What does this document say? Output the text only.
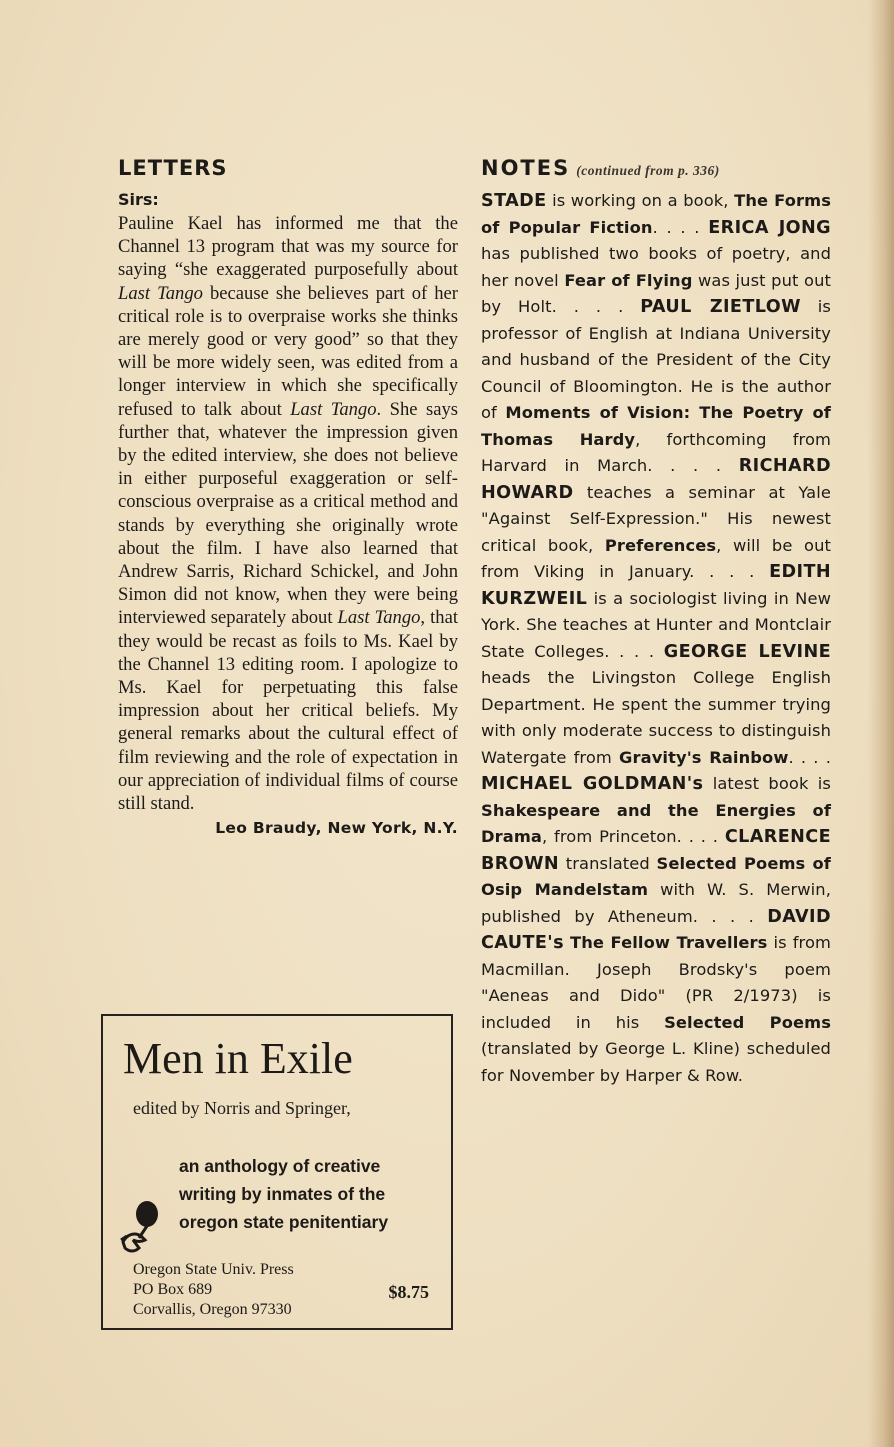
LETTERS

Sirs:

Pauline Kael has informed me that the Channel 13 program that was my source for saying “she exaggerated purposefully about Last Tango because she believes part of her critical role is to overpraise works she thinks are merely good or very good” so that they will be more widely seen, was edited from a longer interview in which she specifically refused to talk about Last Tango. She says further that, whatever the impression given by the edited interview, she does not believe in either purposeful exaggeration or self-conscious overpraise as a critical method and stands by everything she originally wrote about the film. I have also learned that Andrew Sarris, Richard Schickel, and John Simon did not know, when they were being interviewed separately about Last Tango, that they would be recast as foils to Ms. Kael by the Channel 13 editing room. I apologize to Ms. Kael for perpetuating this false impression about her critical beliefs. My general remarks about the cultural effect of film reviewing and the role of expectation in our appreciation of individual films of course still stand.

Leo Braudy, New York, N.Y.

Men in Exile

edited by Norris and Springer,

an anthology of creative
writing by inmates of the
oregon state penitentiary
Oregon State Univ. Press
PO Box 689
Corvallis, Oregon 97330

$8.75

NOTES (continued from p. 336)

STADE is working on a book, The Forms of Popular Fiction. . . . ERICA JONG has published two books of poetry, and her novel Fear of Flying was just put out by Holt. . . . PAUL ZIETLOW is professor of English at Indiana University and husband of the President of the City Council of Bloomington. He is the author of Moments of Vision: The Poetry of Thomas Hardy, forthcoming from Harvard in March. . . . RICHARD HOWARD teaches a seminar at Yale "Against Self-Expression." His newest critical book, Preferences, will be out from Viking in January. . . . EDITH KURZWEIL is a sociologist living in New York. She teaches at Hunter and Montclair State Colleges. . . . GEORGE LEVINE heads the Livingston College English Department. He spent the summer trying with only moderate success to distinguish Watergate from Gravity's Rainbow. . . . MICHAEL GOLDMAN's latest book is Shakespeare and the Energies of Drama, from Princeton. . . . CLARENCE BROWN translated Selected Poems of Osip Mandelstam with W. S. Merwin, published by Atheneum. . . . DAVID CAUTE's The Fellow Travellers is from Macmillan. Joseph Brodsky's poem "Aeneas and Dido" (PR 2/1973) is included in his Selected Poems (translated by George L. Kline) scheduled for November by Harper & Row.
